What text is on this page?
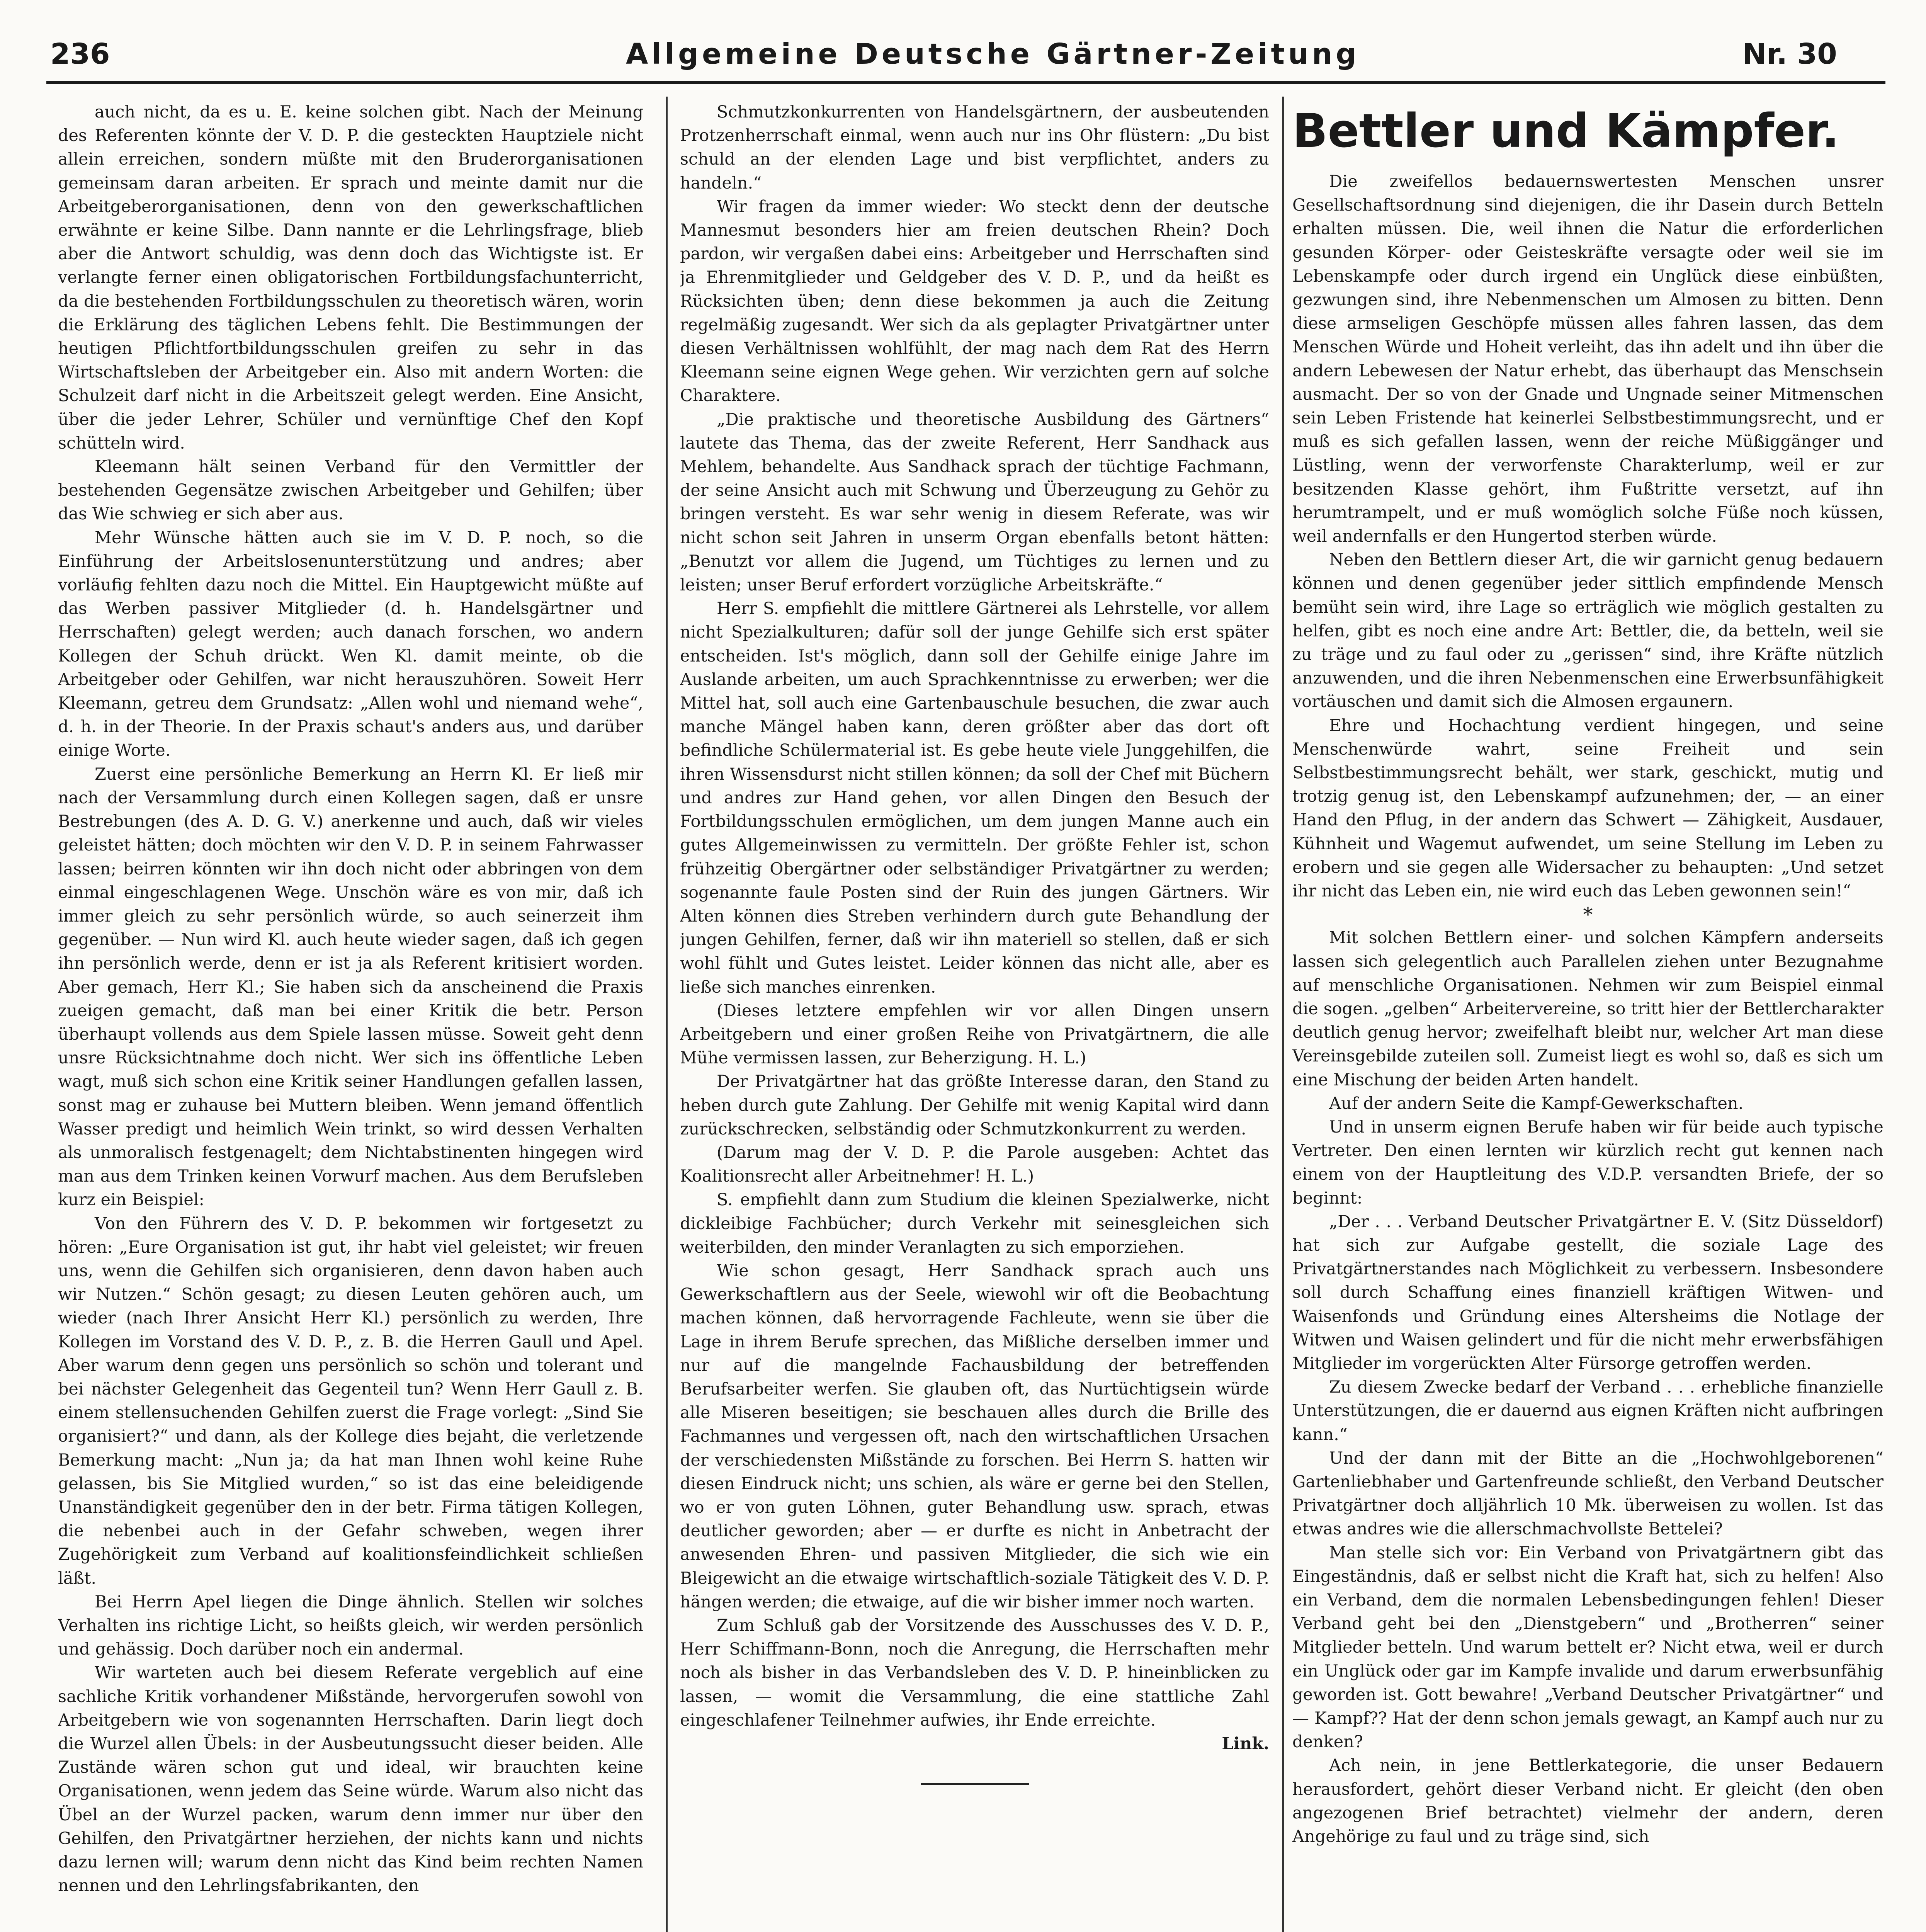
236	Allgemeine Deutsche Gärtner-Zeitung	Nr. 30

auch nicht, da es u. E. keine solchen gibt. Nach der Meinung des Referenten könnte der V. D. P. die gesteckten Hauptziele nicht allein erreichen, sondern müßte mit den Bruderorganisationen gemeinsam daran arbeiten. Er sprach und meinte damit nur die Arbeitgeberorganisationen, denn von den gewerkschaftlichen erwähnte er keine Silbe. Dann nannte er die Lehrlingsfrage, blieb aber die Antwort schuldig, was denn doch das Wichtigste ist. Er verlangte ferner einen obligatorischen Fortbildungsfachunterricht, da die bestehenden Fortbildungsschulen zu theoretisch wären, worin die Erklärung des täglichen Lebens fehlt. Die Bestimmungen der heutigen Pflichtfortbildungsschulen greifen zu sehr in das Wirtschaftsleben der Arbeitgeber ein. Also mit andern Worten: die Schulzeit darf nicht in die Arbeitszeit gelegt werden. Eine Ansicht, über die jeder Lehrer, Schüler und vernünftige Chef den Kopf schütteln wird.

Kleemann hält seinen Verband für den Vermittler der bestehenden Gegensätze zwischen Arbeitgeber und Gehilfen; über das Wie schwieg er sich aber aus.

Mehr Wünsche hätten auch sie im V. D. P. noch, so die Einführung der Arbeitslosenunterstützung und andres; aber vorläufig fehlten dazu noch die Mittel. Ein Hauptgewicht müßte auf das Werben passiver Mitglieder (d. h. Handelsgärtner und Herrschaften) gelegt werden; auch danach forschen, wo andern Kollegen der Schuh drückt. Wen Kl. damit meinte, ob die Arbeitgeber oder Gehilfen, war nicht herauszuhören. Soweit Herr Kleemann, getreu dem Grundsatz: „Allen wohl und niemand wehe“, d. h. in der Theorie. In der Praxis schaut's anders aus, und darüber einige Worte.

Zuerst eine persönliche Bemerkung an Herrn Kl. Er ließ mir nach der Versammlung durch einen Kollegen sagen, daß er unsre Bestrebungen (des A. D. G. V.) anerkenne und auch, daß wir vieles geleistet hätten; doch möchten wir den V. D. P. in seinem Fahrwasser lassen; beirren könnten wir ihn doch nicht oder abbringen von dem einmal eingeschlagenen Wege. Unschön wäre es von mir, daß ich immer gleich zu sehr persönlich würde, so auch seinerzeit ihm gegenüber. — Nun wird Kl. auch heute wieder sagen, daß ich gegen ihn persönlich werde, denn er ist ja als Referent kritisiert worden. Aber gemach, Herr Kl.; Sie haben sich da anscheinend die Praxis zueigen gemacht, daß man bei einer Kritik die betr. Person überhaupt vollends aus dem Spiele lassen müsse. Soweit geht denn unsre Rücksichtnahme doch nicht. Wer sich ins öffentliche Leben wagt, muß sich schon eine Kritik seiner Handlungen gefallen lassen, sonst mag er zuhause bei Muttern bleiben. Wenn jemand öffentlich Wasser predigt und heimlich Wein trinkt, so wird dessen Verhalten als unmoralisch festgenagelt; dem Nichtabstinenten hingegen wird man aus dem Trinken keinen Vorwurf machen. Aus dem Berufsleben kurz ein Beispiel:

Von den Führern des V. D. P. bekommen wir fortgesetzt zu hören: „Eure Organisation ist gut, ihr habt viel geleistet; wir freuen uns, wenn die Gehilfen sich organisieren, denn davon haben auch wir Nutzen.“ Schön gesagt; zu diesen Leuten gehören auch, um wieder (nach Ihrer Ansicht Herr Kl.) persönlich zu werden, Ihre Kollegen im Vorstand des V. D. P., z. B. die Herren Gaull und Apel. Aber warum denn gegen uns persönlich so schön und tolerant und bei nächster Gelegenheit das Gegenteil tun? Wenn Herr Gaull z. B. einem stellensuchenden Gehilfen zuerst die Frage vorlegt: „Sind Sie organisiert?“ und dann, als der Kollege dies bejaht, die verletzende Bemerkung macht: „Nun ja; da hat man Ihnen wohl keine Ruhe gelassen, bis Sie Mitglied wurden,“ so ist das eine beleidigende Unanständigkeit gegenüber den in der betr. Firma tätigen Kollegen, die nebenbei auch in der Gefahr schweben, wegen ihrer Zugehörigkeit zum Verband auf koalitionsfeindlichkeit schließen läßt.

Bei Herrn Apel liegen die Dinge ähnlich. Stellen wir solches Verhalten ins richtige Licht, so heißts gleich, wir werden persönlich und gehässig. Doch darüber noch ein andermal.

Wir warteten auch bei diesem Referate vergeblich auf eine sachliche Kritik vorhandener Mißstände, hervorgerufen sowohl von Arbeitgebern wie von sogenannten Herrschaften. Darin liegt doch die Wurzel allen Übels: in der Ausbeutungssucht dieser beiden. Alle Zustände wären schon gut und ideal, wir brauchten keine Organisationen, wenn jedem das Seine würde. Warum also nicht das Übel an der Wurzel packen, warum denn immer nur über den Gehilfen, den Privatgärtner herziehen, der nichts kann und nichts dazu lernen will; warum denn nicht das Kind beim rechten Namen nennen und den Lehrlingsfabrikanten, den

Schmutzkonkurrenten von Handelsgärtnern, der ausbeutenden Protzenherrschaft einmal, wenn auch nur ins Ohr flüstern: „Du bist schuld an der elenden Lage und bist verpflichtet, anders zu handeln.“

Wir fragen da immer wieder: Wo steckt denn der deutsche Mannesmut besonders hier am freien deutschen Rhein? Doch pardon, wir vergaßen dabei eins: Arbeitgeber und Herrschaften sind ja Ehrenmitglieder und Geldgeber des V. D. P., und da heißt es Rücksichten üben; denn diese bekommen ja auch die Zeitung regelmäßig zugesandt. Wer sich da als geplagter Privatgärtner unter diesen Verhältnissen wohlfühlt, der mag nach dem Rat des Herrn Kleemann seine eignen Wege gehen. Wir verzichten gern auf solche Charaktere.

„Die praktische und theoretische Ausbildung des Gärtners“ lautete das Thema, das der zweite Referent, Herr Sandhack aus Mehlem, behandelte. Aus Sandhack sprach der tüchtige Fachmann, der seine Ansicht auch mit Schwung und Überzeugung zu Gehör zu bringen versteht. Es war sehr wenig in diesem Referate, was wir nicht schon seit Jahren in unserm Organ ebenfalls betont hätten: „Benutzt vor allem die Jugend, um Tüchtiges zu lernen und zu leisten; unser Beruf erfordert vorzügliche Arbeitskräfte.“

Herr S. empfiehlt die mittlere Gärtnerei als Lehrstelle, vor allem nicht Spezialkulturen; dafür soll der junge Gehilfe sich erst später entscheiden. Ist's möglich, dann soll der Gehilfe einige Jahre im Auslande arbeiten, um auch Sprachkenntnisse zu erwerben; wer die Mittel hat, soll auch eine Gartenbauschule besuchen, die zwar auch manche Mängel haben kann, deren größter aber das dort oft befindliche Schülermaterial ist. Es gebe heute viele Junggehilfen, die ihren Wissensdurst nicht stillen können; da soll der Chef mit Büchern und andres zur Hand gehen, vor allen Dingen den Besuch der Fortbildungsschulen ermöglichen, um dem jungen Manne auch ein gutes Allgemeinwissen zu vermitteln. Der größte Fehler ist, schon frühzeitig Obergärtner oder selbständiger Privatgärtner zu werden; sogenannte faule Posten sind der Ruin des jungen Gärtners. Wir Alten können dies Streben verhindern durch gute Behandlung der jungen Gehilfen, ferner, daß wir ihn materiell so stellen, daß er sich wohl fühlt und Gutes leistet. Leider können das nicht alle, aber es ließe sich manches einrenken.

(Dieses letztere empfehlen wir vor allen Dingen unsern Arbeitgebern und einer großen Reihe von Privatgärtnern, die alle Mühe vermissen lassen, zur Beherzigung. H. L.)

Der Privatgärtner hat das größte Interesse daran, den Stand zu heben durch gute Zahlung. Der Gehilfe mit wenig Kapital wird dann zurückschrecken, selbständig oder Schmutzkonkurrent zu werden.

(Darum mag der V. D. P. die Parole ausgeben: Achtet das Koalitionsrecht aller Arbeitnehmer! H. L.)

S. empfiehlt dann zum Studium die kleinen Spezialwerke, nicht dickleibige Fachbücher; durch Verkehr mit seinesgleichen sich weiterbilden, den minder Veranlagten zu sich emporziehen.

Wie schon gesagt, Herr Sandhack sprach auch uns Gewerkschaftlern aus der Seele, wiewohl wir oft die Beobachtung machen können, daß hervorragende Fachleute, wenn sie über die Lage in ihrem Berufe sprechen, das Mißliche derselben immer und nur auf die mangelnde Fachausbildung der betreffenden Berufsarbeiter werfen. Sie glauben oft, das Nurtüchtigsein würde alle Miseren beseitigen; sie beschauen alles durch die Brille des Fachmannes und vergessen oft, nach den wirtschaftlichen Ursachen der verschiedensten Mißstände zu forschen. Bei Herrn S. hatten wir diesen Eindruck nicht; uns schien, als wäre er gerne bei den Stellen, wo er von guten Löhnen, guter Behandlung usw. sprach, etwas deutlicher geworden; aber — er durfte es nicht in Anbetracht der anwesenden Ehren- und passiven Mitglieder, die sich wie ein Bleigewicht an die etwaige wirtschaftlich-soziale Tätigkeit des V. D. P. hängen werden; die etwaige, auf die wir bisher immer noch warten.

Zum Schluß gab der Vorsitzende des Ausschusses des V. D. P., Herr Schiffmann-Bonn, noch die Anregung, die Herrschaften mehr noch als bisher in das Verbandsleben des V. D. P. hineinblicken zu lassen, — womit die Versammlung, die eine stattliche Zahl eingeschlafener Teilnehmer aufwies, ihr Ende erreichte.

Link.

Bettler und Kämpfer.

Die zweifellos bedauernswertesten Menschen unsrer Gesellschaftsordnung sind diejenigen, die ihr Dasein durch Betteln erhalten müssen. Die, weil ihnen die Natur die erforderlichen gesunden Körper- oder Geisteskräfte versagte oder weil sie im Lebenskampfe oder durch irgend ein Unglück diese einbüßten, gezwungen sind, ihre Nebenmenschen um Almosen zu bitten. Denn diese armseligen Geschöpfe müssen alles fahren lassen, das dem Menschen Würde und Hoheit verleiht, das ihn adelt und ihn über die andern Lebewesen der Natur erhebt, das überhaupt das Menschsein ausmacht. Der so von der Gnade und Ungnade seiner Mitmenschen sein Leben Fristende hat keinerlei Selbstbestimmungsrecht, und er muß es sich gefallen lassen, wenn der reiche Müßiggänger und Lüstling, wenn der verworfenste Charakterlump, weil er zur besitzenden Klasse gehört, ihm Fußtritte versetzt, auf ihn herumtrampelt, und er muß womöglich solche Füße noch küssen, weil andernfalls er den Hungertod sterben würde.

Neben den Bettlern dieser Art, die wir garnicht genug bedauern können und denen gegenüber jeder sittlich empfindende Mensch bemüht sein wird, ihre Lage so erträglich wie möglich gestalten zu helfen, gibt es noch eine andre Art: Bettler, die, da betteln, weil sie zu träge und zu faul oder zu „gerissen“ sind, ihre Kräfte nützlich anzuwenden, und die ihren Nebenmenschen eine Erwerbsunfähigkeit vortäuschen und damit sich die Almosen ergaunern.

Ehre und Hochachtung verdient hingegen, und seine Menschenwürde wahrt, seine Freiheit und sein Selbstbestimmungsrecht behält, wer stark, geschickt, mutig und trotzig genug ist, den Lebenskampf aufzunehmen; der, — an einer Hand den Pflug, in der andern das Schwert — Zähigkeit, Ausdauer, Kühnheit und Wagemut aufwendet, um seine Stellung im Leben zu erobern und sie gegen alle Widersacher zu behaupten: „Und setzet ihr nicht das Leben ein, nie wird euch das Leben gewonnen sein!“

*

Mit solchen Bettlern einer- und solchen Kämpfern anderseits lassen sich gelegentlich auch Parallelen ziehen unter Bezugnahme auf menschliche Organisationen. Nehmen wir zum Beispiel einmal die sogen. „gelben“ Arbeitervereine, so tritt hier der Bettlercharakter deutlich genug hervor; zweifelhaft bleibt nur, welcher Art man diese Vereinsgebilde zuteilen soll. Zumeist liegt es wohl so, daß es sich um eine Mischung der beiden Arten handelt.

Auf der andern Seite die Kampf-Gewerkschaften.

Und in unserm eignen Berufe haben wir für beide auch typische Vertreter. Den einen lernten wir kürzlich recht gut kennen nach einem von der Hauptleitung des V.D.P. versandten Briefe, der so beginnt:

„Der . . . Verband Deutscher Privatgärtner E. V. (Sitz Düsseldorf) hat sich zur Aufgabe gestellt, die soziale Lage des Privatgärtnerstandes nach Möglichkeit zu verbessern. Insbesondere soll durch Schaffung eines finanziell kräftigen Witwen- und Waisenfonds und Gründung eines Altersheims die Notlage der Witwen und Waisen gelindert und für die nicht mehr erwerbsfähigen Mitglieder im vorgerückten Alter Fürsorge getroffen werden.

Zu diesem Zwecke bedarf der Verband . . . erhebliche finanzielle Unterstützungen, die er dauernd aus eignen Kräften nicht aufbringen kann.“

Und der dann mit der Bitte an die „Hochwohlgeborenen“ Gartenliebhaber und Gartenfreunde schließt, den Verband Deutscher Privatgärtner doch alljährlich 10 Mk. überweisen zu wollen. Ist das etwas andres wie die allerschmachvollste Bettelei?

Man stelle sich vor: Ein Verband von Privatgärtnern gibt das Eingeständnis, daß er selbst nicht die Kraft hat, sich zu helfen! Also ein Verband, dem die normalen Lebensbedingungen fehlen! Dieser Verband geht bei den „Dienstgebern“ und „Brotherren“ seiner Mitglieder betteln. Und warum bettelt er? Nicht etwa, weil er durch ein Unglück oder gar im Kampfe invalide und darum erwerbsunfähig geworden ist. Gott bewahre! „Verband Deutscher Privatgärtner“ und — Kampf?? Hat der denn schon jemals gewagt, an Kampf auch nur zu denken?

Ach nein, in jene Bettlerkategorie, die unser Bedauern herausfordert, gehört dieser Verband nicht. Er gleicht (den oben angezogenen Brief betrachtet) vielmehr der andern, deren Angehörige zu faul und zu träge sind, sich
